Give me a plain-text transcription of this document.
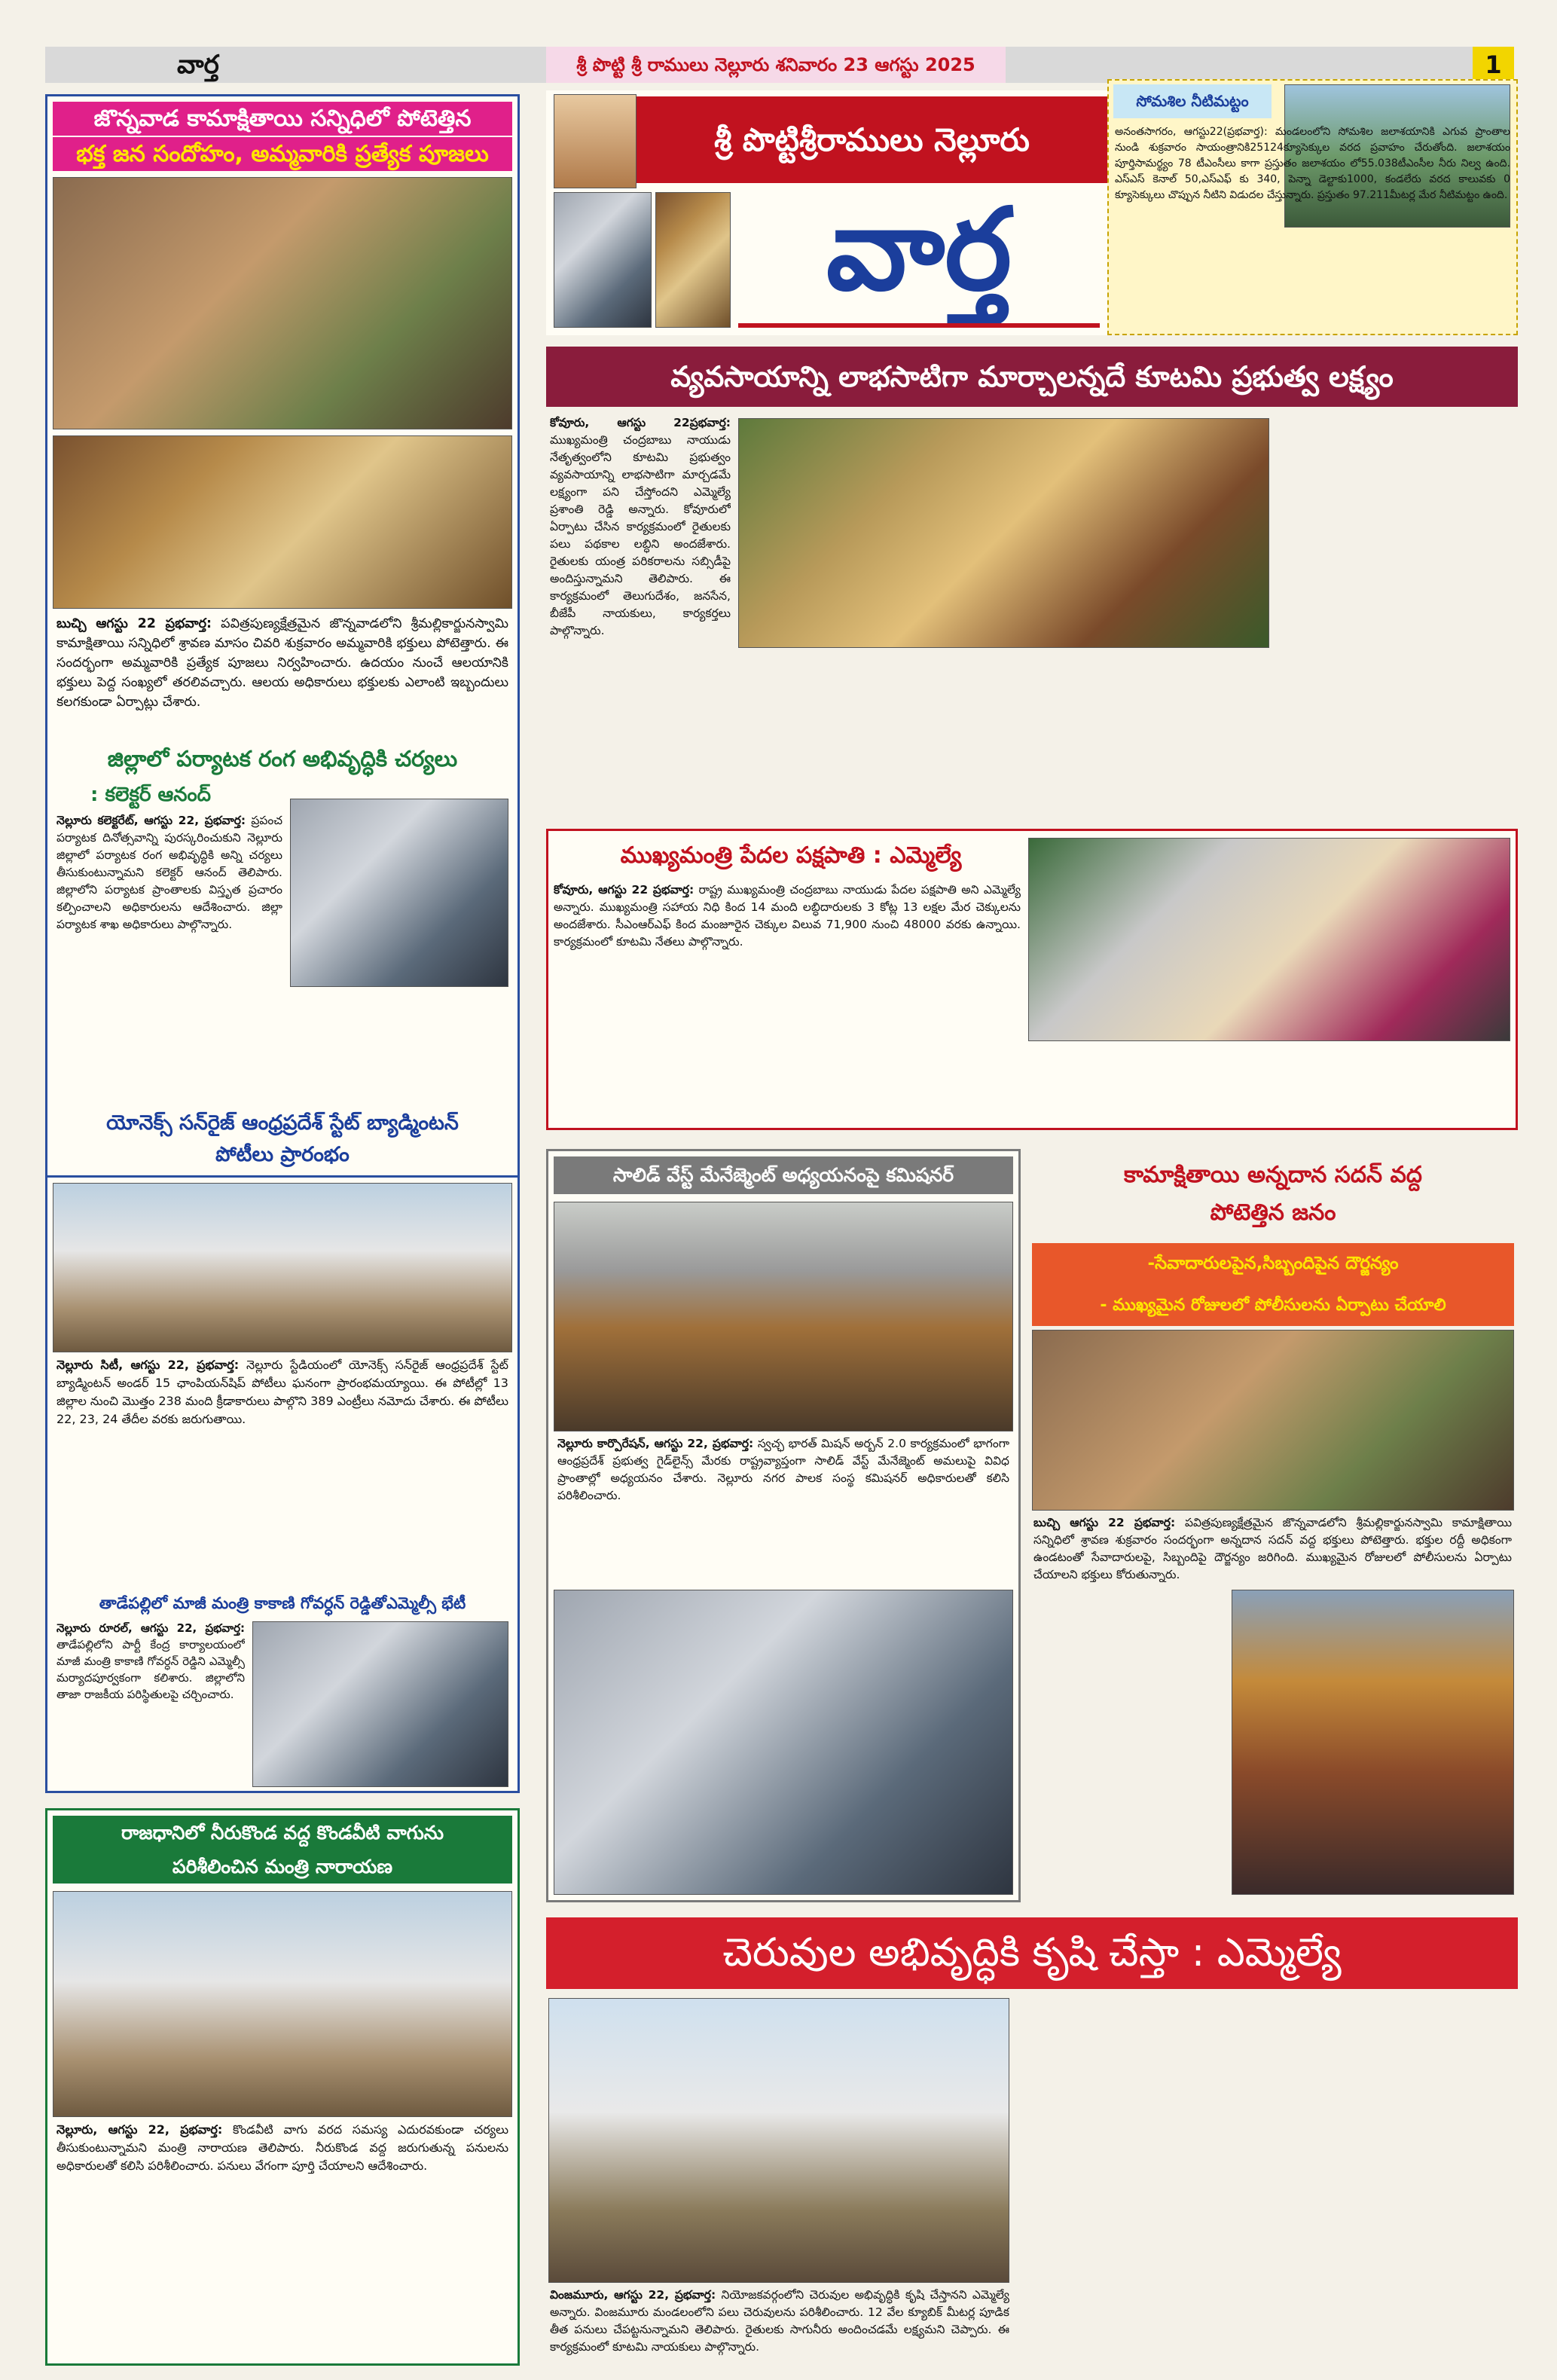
వార్త	శ్రీ పొట్టి శ్రీ రాములు నెల్లూరు శనివారం 23 ఆగస్టు 2025	1
జొన్నవాడ కామాక్షితాయి సన్నిధిలో పోటెత్తిన
భక్త జన సందోహం, అమ్మవారికి ప్రత్యేక పూజలు
బుచ్చి ఆగస్టు 22 ప్రభవార్త: పవిత్రపుణ్యక్షేత్రమైన జొన్నవాడలోని శ్రీమల్లికార్జునస్వామి కామాక్షితాయి సన్నిధిలో శ్రావణ మాసం చివరి శుక్రవారం అమ్మవారికి భక్తులు పోటెత్తారు. ఈ సందర్భంగా అమ్మవారికి ప్రత్యేక పూజలు నిర్వహించారు. ఉదయం నుంచే ఆలయానికి భక్తులు పెద్ద సంఖ్యలో తరలివచ్చారు. ఆలయ అధికారులు భక్తులకు ఎలాంటి ఇబ్బందులు కలగకుండా ఏర్పాట్లు చేశారు.
జిల్లాలో పర్యాటక రంగ అభివృద్ధికి చర్యలు
: కలెక్టర్ ఆనంద్
నెల్లూరు కలెక్టరేట్, ఆగస్టు 22, ప్రభవార్త: ప్రపంచ పర్యాటక దినోత్సవాన్ని పురస్కరించుకుని నెల్లూరు జిల్లాలో పర్యాటక రంగ అభివృద్ధికి అన్ని చర్యలు తీసుకుంటున్నామని కలెక్టర్ ఆనంద్ తెలిపారు. జిల్లాలోని పర్యాటక ప్రాంతాలకు విస్తృత ప్రచారం కల్పించాలని అధికారులను ఆదేశించారు. జిల్లా పర్యాటక శాఖ అధికారులు పాల్గొన్నారు.
యోనెక్స్ సన్‌రైజ్ ఆంధ్రప్రదేశ్ స్టేట్ బ్యాడ్మింటన్
పోటీలు ప్రారంభం
నెల్లూరు సిటీ, ఆగస్టు 22, ప్రభవార్త: నెల్లూరు స్టేడియంలో యోనెక్స్ సన్‌రైజ్ ఆంధ్రప్రదేశ్ స్టేట్ బ్యాడ్మింటన్ అండర్ 15 ఛాంపియన్‌షిప్ పోటీలు ఘనంగా ప్రారంభమయ్యాయి. ఈ పోటీల్లో 13 జిల్లాల నుంచి మొత్తం 238 మంది క్రీడాకారులు పాల్గొని 389 ఎంట్రీలు నమోదు చేశారు. ఈ పోటీలు 22, 23, 24 తేదీల వరకు జరుగుతాయి.
తాడేపల్లిలో మాజీ మంత్రి కాకాణి గోవర్ధన్ రెడ్డితోఎమ్మెల్సీ భేటీ
నెల్లూరు రూరల్, ఆగస్టు 22, ప్రభవార్త: తాడేపల్లిలోని పార్టీ కేంద్ర కార్యాలయంలో మాజీ మంత్రి కాకాణి గోవర్ధన్ రెడ్డిని ఎమ్మెల్సీ మర్యాదపూర్వకంగా కలిశారు. జిల్లాలోని తాజా రాజకీయ పరిస్థితులపై చర్చించారు.
రాజధానిలో నీరుకొండ వద్ద కొండవీటి వాగును
పరిశీలించిన మంత్రి నారాయణ
నెల్లూరు, ఆగస్టు 22, ప్రభవార్త: కొండవీటి వాగు వరద సమస్య ఎదురవకుండా చర్యలు తీసుకుంటున్నామని మంత్రి నారాయణ తెలిపారు. నీరుకొండ వద్ద జరుగుతున్న పనులను అధికారులతో కలిసి పరిశీలించారు. పనులు వేగంగా పూర్తి చేయాలని ఆదేశించారు.
శ్రీ పొట్టిశ్రీరాములు నెల్లూరు
వార్త
సోమశిల నీటిమట్టం
అనంతసాగరం, ఆగస్టు22(ప్రభవార్త): మండలంలోని సోమశిల జలాశయానికి ఎగువ ప్రాంతాల నుండి శుక్రవారం సాయంత్రానికి25124క్యూసెక్కుల వరద ప్రవాహం చేరుతోంది. జలాశయం పూర్తిసామర్థ్యం 78 టీఎంసీలు కాగా ప్రస్తుతం జలాశయం లో55.038టీఎంసీల నీరు నిల్వ ఉంది. ఎస్ఎస్ కెనాల్ 50,ఎస్ఎఫ్ కు 340, పెన్నా డెల్టాకు1000, కండలేరు వరద కాలువకు 0 క్యూసెక్కులు చొప్పున నీటిని విడుదల చేస్తున్నారు. ప్రస్తుతం 97.211మీటర్ల మేర నీటిమట్టం ఉంది.
వ్యవసాయాన్ని లాభసాటిగా మార్చాలన్నదే కూటమి ప్రభుత్వ లక్ష్యం
కోవూరు, ఆగస్టు 22ప్రభవార్త: ముఖ్యమంత్రి చంద్రబాబు నాయుడు నేతృత్వంలోని కూటమి ప్రభుత్వం వ్యవసాయాన్ని లాభసాటిగా మార్చడమే లక్ష్యంగా పని చేస్తోందని ఎమ్మెల్యే ప్రశాంతి రెడ్డి అన్నారు. కోవూరులో ఏర్పాటు చేసిన కార్యక్రమంలో రైతులకు పలు పథకాల లబ్ధిని అందజేశారు. రైతులకు యంత్ర పరికరాలను సబ్సిడీపై అందిస్తున్నామని తెలిపారు. ఈ కార్యక్రమంలో తెలుగుదేశం, జనసేన, బీజేపీ నాయకులు, కార్యకర్తలు పాల్గొన్నారు.
ముఖ్యమంత్రి పేదల పక్షపాతి : ఎమ్మెల్యే
కోవూరు, ఆగస్టు 22 ప్రభవార్త: రాష్ట్ర ముఖ్యమంత్రి చంద్రబాబు నాయుడు పేదల పక్షపాతి అని ఎమ్మెల్యే అన్నారు. ముఖ్యమంత్రి సహాయ నిధి కింద 14 మంది లబ్ధిదారులకు 3 కోట్ల 13 లక్షల మేర చెక్కులను అందజేశారు. సీఎంఆర్ఎఫ్ కింద మంజూరైన చెక్కుల విలువ 71,900 నుంచి 48000 వరకు ఉన్నాయి. కార్యక్రమంలో కూటమి నేతలు పాల్గొన్నారు.
సాలిడ్ వేస్ట్ మేనేజ్మెంట్ అధ్యయనంపై కమిషనర్
నెల్లూరు కార్పొరేషన్, ఆగస్టు 22, ప్రభవార్త: స్వచ్ఛ భారత్ మిషన్ అర్బన్ 2.0 కార్యక్రమంలో భాగంగా ఆంధ్రప్రదేశ్ ప్రభుత్వ గైడ్‌లైన్స్ మేరకు రాష్ట్రవ్యాప్తంగా సాలిడ్ వేస్ట్ మేనేజ్మెంట్ అమలుపై వివిధ ప్రాంతాల్లో అధ్యయనం చేశారు. నెల్లూరు నగర పాలక సంస్థ కమిషనర్ అధికారులతో కలిసి పరిశీలించారు.
కామాక్షితాయి అన్నదాన సదన్ వద్ద
పోటెత్తిన జనం
-సేవాదారులపైన,సిబ్బందిపైన దౌర్జన్యం
- ముఖ్యమైన రోజులలో పోలీసులను ఏర్పాటు చేయాలి
బుచ్చి ఆగస్టు 22 ప్రభవార్త: పవిత్రపుణ్యక్షేత్రమైన జొన్నవాడలోని శ్రీమల్లికార్జునస్వామి కామాక్షితాయి సన్నిధిలో శ్రావణ శుక్రవారం సందర్భంగా అన్నదాన సదన్ వద్ద భక్తులు పోటెత్తారు. భక్తుల రద్దీ అధికంగా ఉండటంతో సేవాదారులపై, సిబ్బందిపై దౌర్జన్యం జరిగింది. ముఖ్యమైన రోజులలో పోలీసులను ఏర్పాటు చేయాలని భక్తులు కోరుతున్నారు.
చెరువుల అభివృద్ధికి కృషి చేస్తా : ఎమ్మెల్యే
వింజమూరు, ఆగస్టు 22, ప్రభవార్త: నియోజకవర్గంలోని చెరువుల అభివృద్ధికి కృషి చేస్తానని ఎమ్మెల్యే అన్నారు. వింజమూరు మండలంలోని పలు చెరువులను పరిశీలించారు. 12 వేల క్యూబిక్ మీటర్ల పూడిక తీత పనులు చేపట్టనున్నామని తెలిపారు. రైతులకు సాగునీరు అందించడమే లక్ష్యమని చెప్పారు. ఈ కార్యక్రమంలో కూటమి నాయకులు పాల్గొన్నారు.
